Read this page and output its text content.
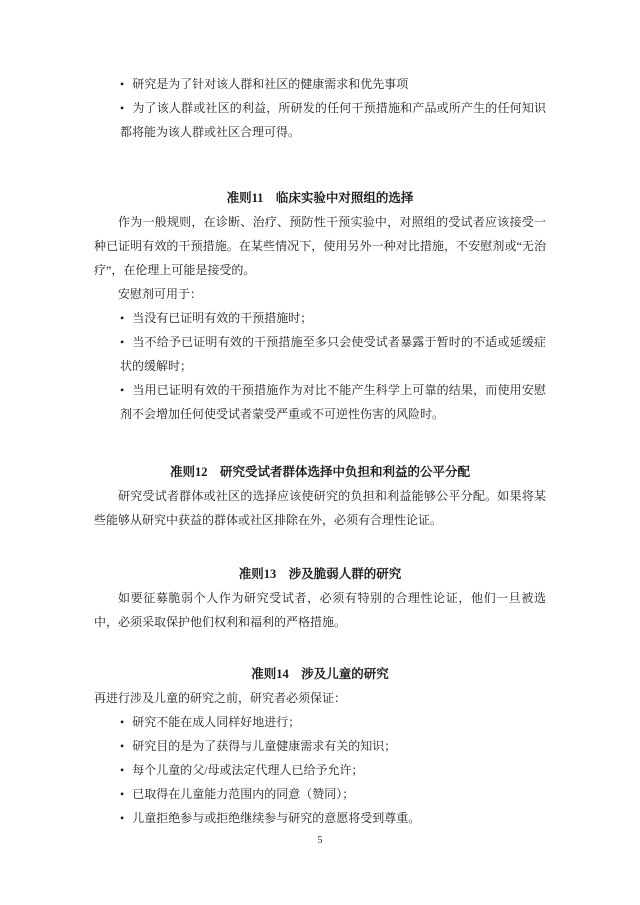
• 研究是为了针对该人群和社区的健康需求和优先事项
• 为了该人群或社区的利益，所研发的任何干预措施和产品或所产生的任何知识都将能为该人群或社区合理可得。
准则11　临床实验中对照组的选择

作为一般规则，在诊断、治疗、预防性干预实验中，对照组的受试者应该接受一种已证明有效的干预措施。在某些情况下，使用另外一种对比措施，不安慰剂或“无治疗”，在伦理上可能是接受的。

安慰剂可用于：

• 当没有已证明有效的干预措施时；
• 当不给予已证明有效的干预措施至多只会使受试者暴露于暂时的不适或延缓症状的缓解时；
• 当用已证明有效的干预措施作为对比不能产生科学上可靠的结果，而使用安慰剂不会增加任何使受试者蒙受严重或不可逆性伤害的风险时。
准则12　研究受试者群体选择中负担和利益的公平分配

研究受试者群体或社区的选择应该使研究的负担和利益能够公平分配。如果将某些能够从研究中获益的群体或社区排除在外，必须有合理性论证。

准则13　涉及脆弱人群的研究

如要征募脆弱个人作为研究受试者，必须有特别的合理性论证，他们一旦被选中，必须采取保护他们权利和福利的严格措施。

准则14　涉及儿童的研究

再进行涉及儿童的研究之前，研究者必须保证：

• 研究不能在成人同样好地进行；
• 研究目的是为了获得与儿童健康需求有关的知识；
• 每个儿童的父/母或法定代理人已给予允许；
• 已取得在儿童能力范围内的同意（赞同）；
• 儿童拒绝参与或拒绝继续参与研究的意愿将受到尊重。
5
